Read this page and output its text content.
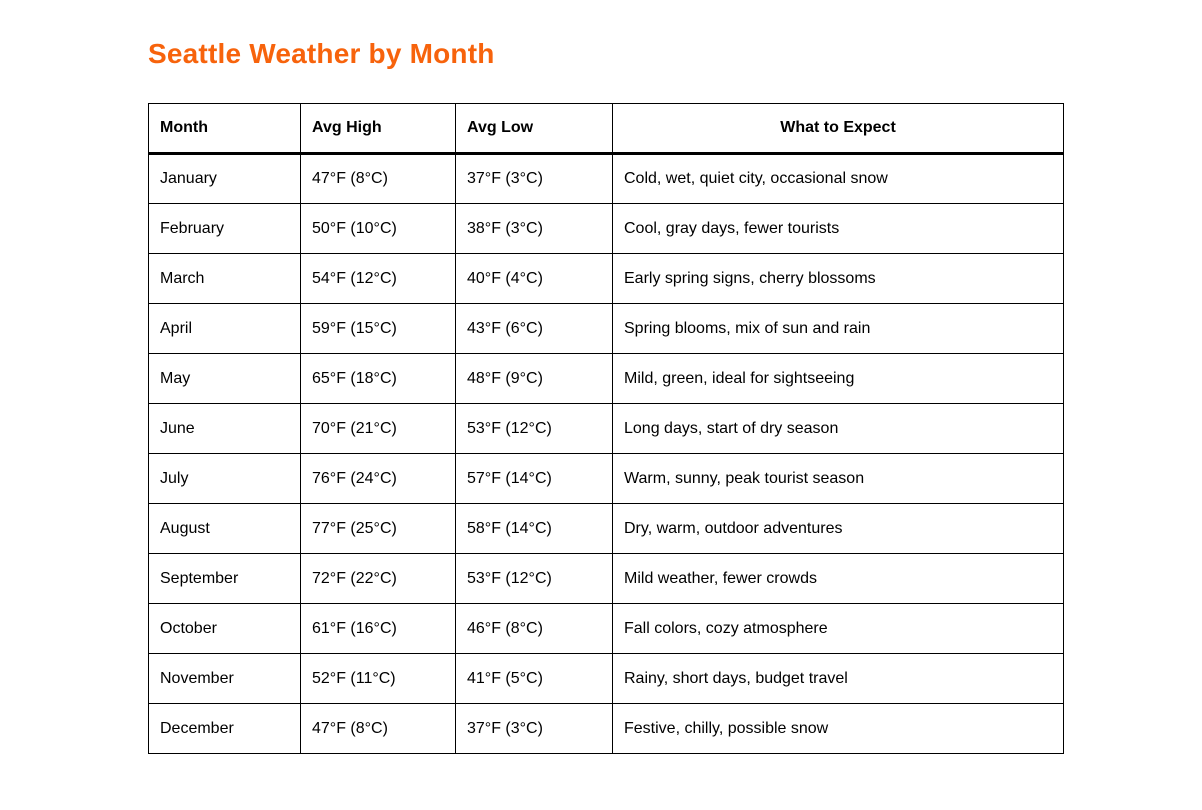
Seattle Weather by Month
Month	Avg High	Avg Low	What to Expect
January	47°F (8°C)	37°F (3°C)	Cold, wet, quiet city, occasional snow
February	50°F (10°C)	38°F (3°C)	Cool, gray days, fewer tourists
March	54°F (12°C)	40°F (4°C)	Early spring signs, cherry blossoms
April	59°F (15°C)	43°F (6°C)	Spring blooms, mix of sun and rain
May	65°F (18°C)	48°F (9°C)	Mild, green, ideal for sightseeing
June	70°F (21°C)	53°F (12°C)	Long days, start of dry season
July	76°F (24°C)	57°F (14°C)	Warm, sunny, peak tourist season
August	77°F (25°C)	58°F (14°C)	Dry, warm, outdoor adventures
September	72°F (22°C)	53°F (12°C)	Mild weather, fewer crowds
October	61°F (16°C)	46°F (8°C)	Fall colors, cozy atmosphere
November	52°F (11°C)	41°F (5°C)	Rainy, short days, budget travel
December	47°F (8°C)	37°F (3°C)	Festive, chilly, possible snow
